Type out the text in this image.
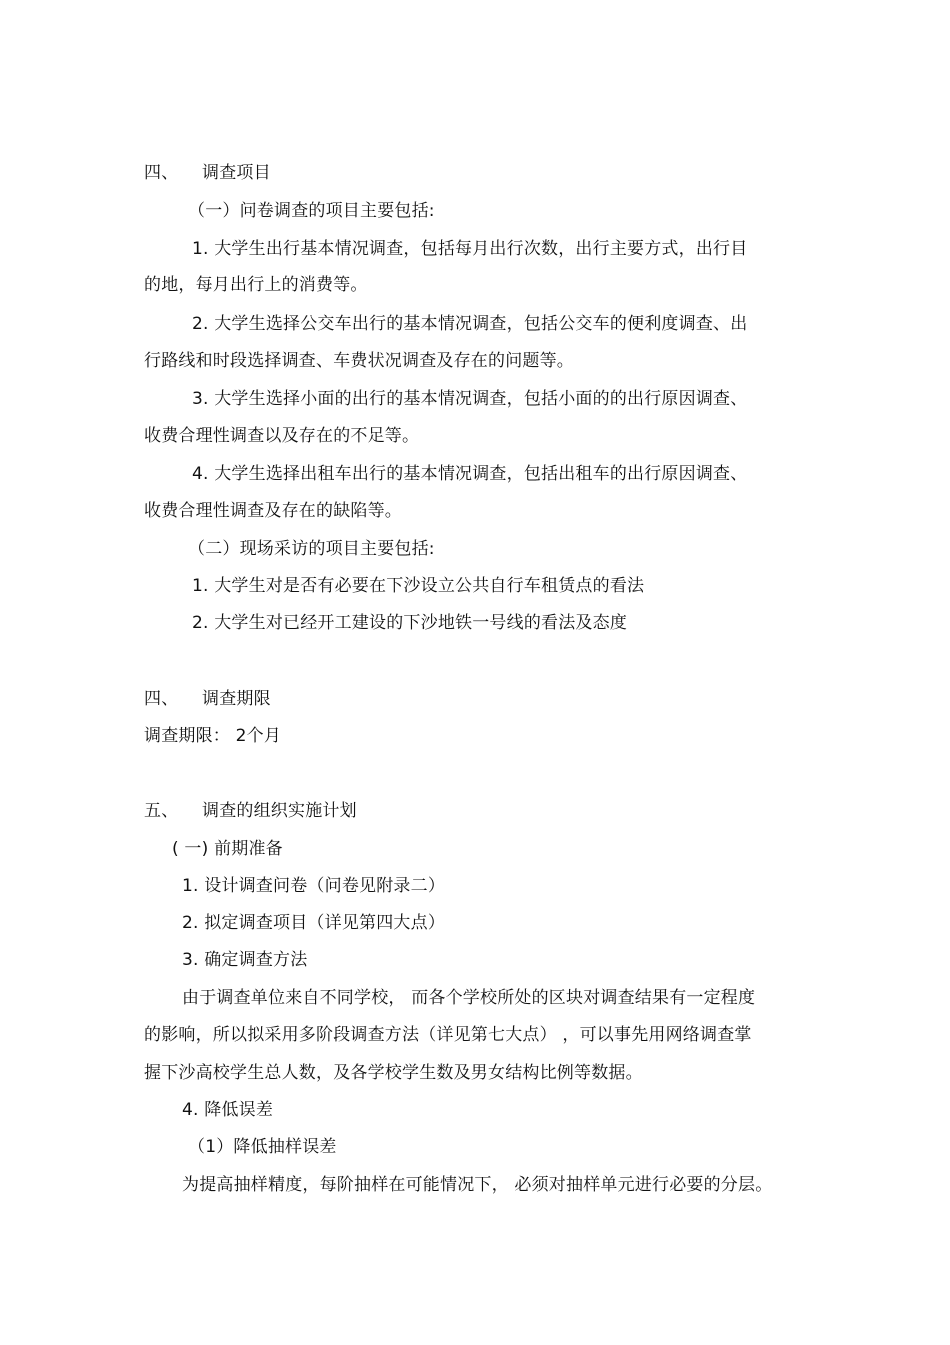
四、 调查项目
（一）问卷调查的项目主要包括:
1. 大学生出行基本情况调查，包括每月出行次数，出行主要方式，出行目
的地，每月出行上的消费等。
2. 大学生选择公交车出行的基本情况调查，包括公交车的便利度调查、出
行路线和时段选择调查、车费状况调查及存在的问题等。
3. 大学生选择小面的出行的基本情况调查，包括小面的的出行原因调查、
收费合理性调查以及存在的不足等。
4. 大学生选择出租车出行的基本情况调查，包括出租车的出行原因调查、
收费合理性调查及存在的缺陷等。
（二）现场采访的项目主要包括:
1. 大学生对是否有必要在下沙设立公共自行车租赁点的看法
2. 大学生对已经开工建设的下沙地铁一号线的看法及态度
四、 调查期限
调查期限： 2个月
五、 调查的组织实施计划
( 一) 前期准备
1. 设计调查问卷（问卷见附录二）
2. 拟定调查项目（详见第四大点）
3. 确定调查方法
由于调查单位来自不同学校， 而各个学校所处的区块对调查结果有一定程度
的影响，所以拟采用多阶段调查方法（详见第七大点） ，可以事先用网络调查掌
握下沙高校学生总人数，及各学校学生数及男女结构比例等数据。
4. 降低误差
（1）降低抽样误差
为提高抽样精度，每阶抽样在可能情况下， 必须对抽样单元进行必要的分层。
